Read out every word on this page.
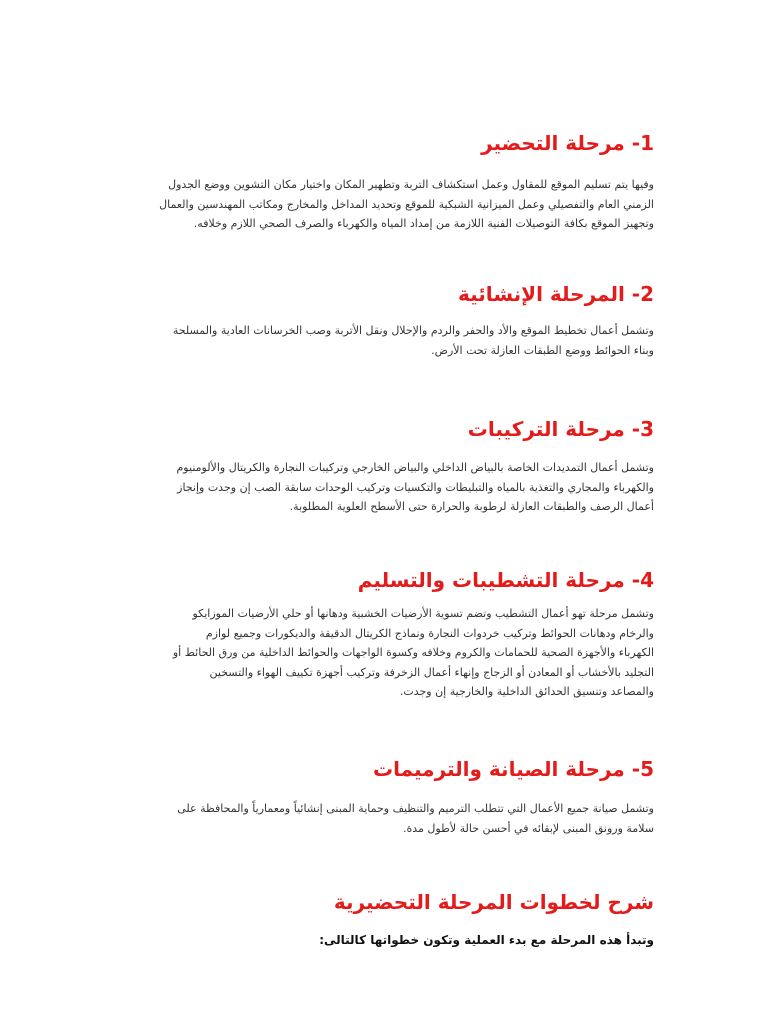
1- مرحلة التحضير
وفيها يتم تسليم الموقع للمقاول وعمل استكشاف التربة وتطهير المكان واختيار مكان التشوين ووضع الجدول
الزمني العام والتفصيلي وعمل الميزانية الشبكية للموقع وتحديد المداخل والمخارج ومكاتب المهندسين والعمال
وتجهيز الموقع بكافة التوصيلات الفنية اللازمة من إمداد المياه والكهرباء والصرف الصحي اللازم وخلافه.
2- المرحلة الإنشائية
وتشمل أعمال تخطيط الموقع والأد والحفر والردم والإحلال ونقل الأتربة وصب الخرسانات العادية والمسلحة
وبناء الحوائط ووضع الطبقات العازلة تحت الأرض.
3- مرحلة التركيبات
وتشمل أعمال التمديدات الخاصة بالبياض الداخلي والبياض الخارجي وتركيبات النجارة والكريتال والألومنيوم
والكهرباء والمجاري والتغذية بالمياه والتبليطات والتكسيات وتركيب الوحدات سابقة الصب إن وجدت وإنجاز
أعمال الرصف والطبقات العازلة لرطوبة والحرارة حتى الأسطح العلوية المطلوبة.
4- مرحلة التشطيبات والتسليم
وتشمل مرحلة تهو أعمال التشطيب وتضم تسوية الأرضيات الخشبية ودهانها أو حلي الأرضيات الموزايكو
والرخام ودهانات الحوائط وتركيب خردوات النجارة ونماذج الكريتال الدقيقة والديكورات وجميع لوازم
الكهرباء والأجهزة الصحية للحمامات والكروم وخلافه وكسوة الواجهات والحوائط الداخلية من ورق الحائط أو
التجليد بالأخشاب أو المعادن أو الزجاج وإنهاء أعمال الزخرفة وتركيب أجهزة تكييف الهواء والتسخين
والمصاعد وتنسيق الحدائق الداخلية والخارجية إن وجدت.
5- مرحلة الصيانة والترميمات
وتشمل صيانة جميع الأعمال التي تتطلب الترميم والتنظيف وحماية المبنى إنشائياً ومعمارياً والمحافظة على
سلامة ورونق المبنى لإبقائه في أحسن حالة لأطول مدة.
شرح لخطوات المرحلة التحضيرية
وتبدأ هذه المرحلة مع بدء العملية وتكون خطواتها كالتالى:
